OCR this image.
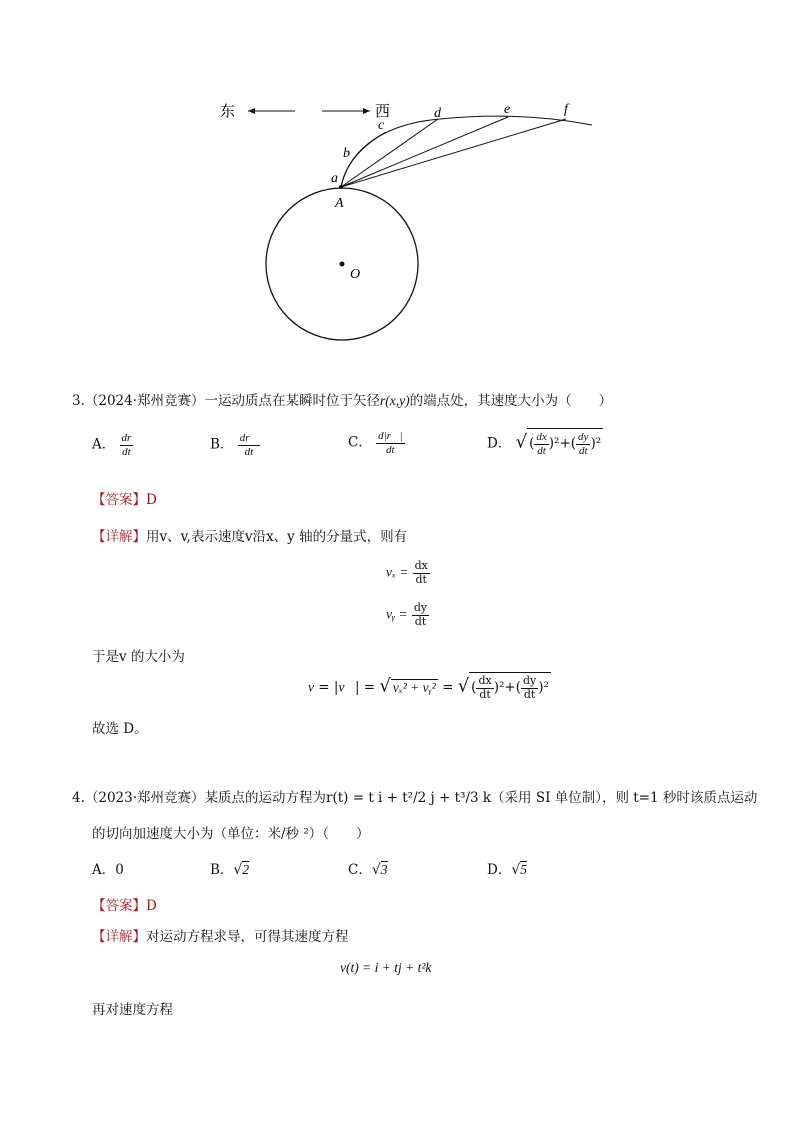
东	西
a
b
c
d	e	f
A
O
3.（2024·郑州竞赛）一运动质点在某瞬时位于矢径r(x,y)的端点处，其速度大小为（　　）
A． $\frac{dr}{dt}$	B． $\frac{dr⃗}{dt}$	C． $\frac{d|r⃗|}{dt}$	D． √( $\frac{dx}{dt} )^2+( \frac{dy}{dt} )^2$
【答案】D
【详解】用v、v,表示速度v沿x、y 轴的分量式，则有
$v_x = \frac{dx}{dt}$
vᵧ = $\frac{dy}{dt}$
于是v 的大小为
v = |v⃗| = √ vₓ² + vᵧ² = √( $\frac{dx}{dt} )^2+( \frac{dy}{dt} )^2$
故选 D。
4.（2023·郑州竞赛）某质点的运动方程为r(t) = t i + t²/2 j + t³/3 k（采用 SI 单位制），则 t=1 秒时该质点运动
的切向加速度大小为（单位：米/秒 ²）（　　）
A．0	B．√2	C．√3	D．√5
【答案】D
【详解】对运动方程求导，可得其速度方程
v(t) = i + tj + t²k
再对速度方程
